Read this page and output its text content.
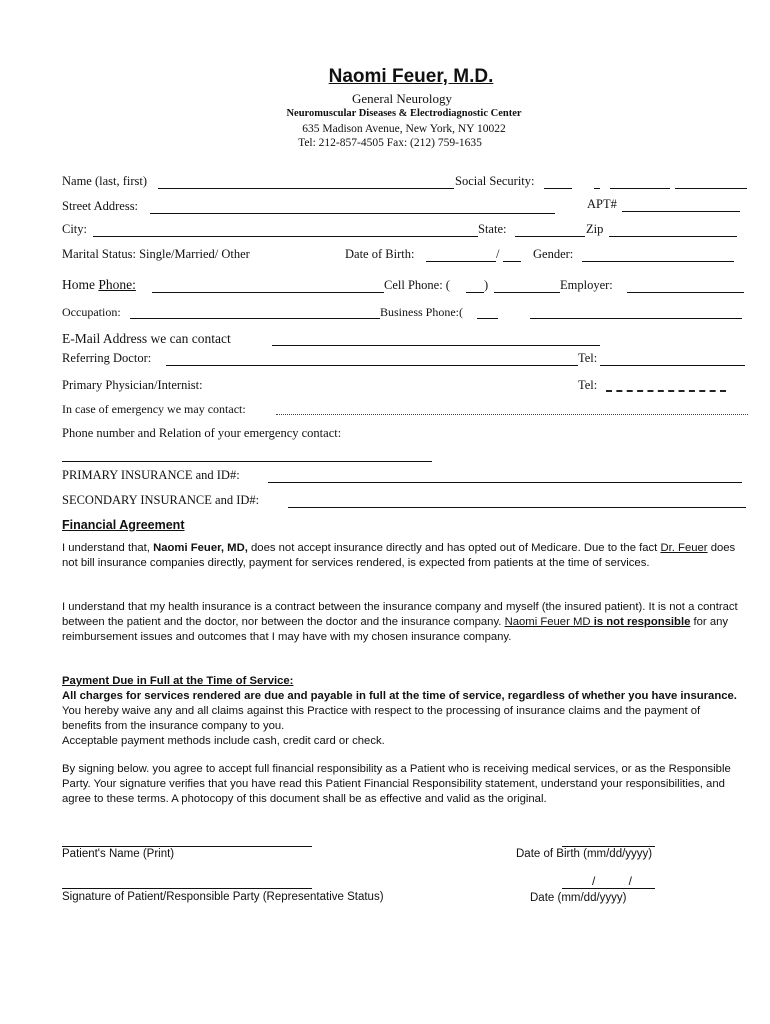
Naomi Feuer, M.D.
General Neurology
Neuromuscular Diseases & Electrodiagnostic Center
635 Madison Avenue, New York, NY 10022
Tel: 212-857-4505 Fax: (212) 759-1635
Name (last, first)	Social Security:
Street Address:	APT#
City:	State:	Zip
Marital Status: Single/Married/ Other	Date of Birth:	/	Gender:
Home Phone:	Cell Phone: (	)	Employer:
Occupation:	Business Phone:(
E-Mail Address we can contact
Referring Doctor:	Tel:
Primary Physician/Internist:	Tel:
In case of emergency we may contact:
Phone number and Relation of your emergency contact:
PRIMARY INSURANCE and ID#:
SECONDARY INSURANCE and ID#:
Financial Agreement
I understand that, Naomi Feuer, MD, does not accept insurance directly and has opted out of Medicare. Due to the fact Dr. Feuer does not bill insurance companies directly, payment for services rendered, is expected from patients at the time of services.
I understand that my health insurance is a contract between the insurance company and myself (the insured patient). It is not a contract between the patient and the doctor, nor between the doctor and the insurance company. Naomi Feuer MD is not responsible for any reimbursement issues and outcomes that I may have with my chosen insurance company.
Payment Due in Full at the Time of Service:
All charges for services rendered are due and payable in full at the time of service, regardless of whether you have insurance. You hereby waive any and all claims against this Practice with respect to the processing of insurance claims and the payment of benefits from the insurance company to you.
Acceptable payment methods include cash, credit card or check.
By signing below. you agree to accept full financial responsibility as a Patient who is receiving medical services, or as the Responsible Party. Your signature verifies that you have read this Patient Financial Responsibility statement, understand your responsibilities, and agree to these terms. A photocopy of this document shall be as effective and valid as the original.
Patient's Name (Print)	Date of Birth (mm/dd/yyyy)
Signature of Patient/Responsible Party (Representative Status)
/          /
Date (mm/dd/yyyy)
